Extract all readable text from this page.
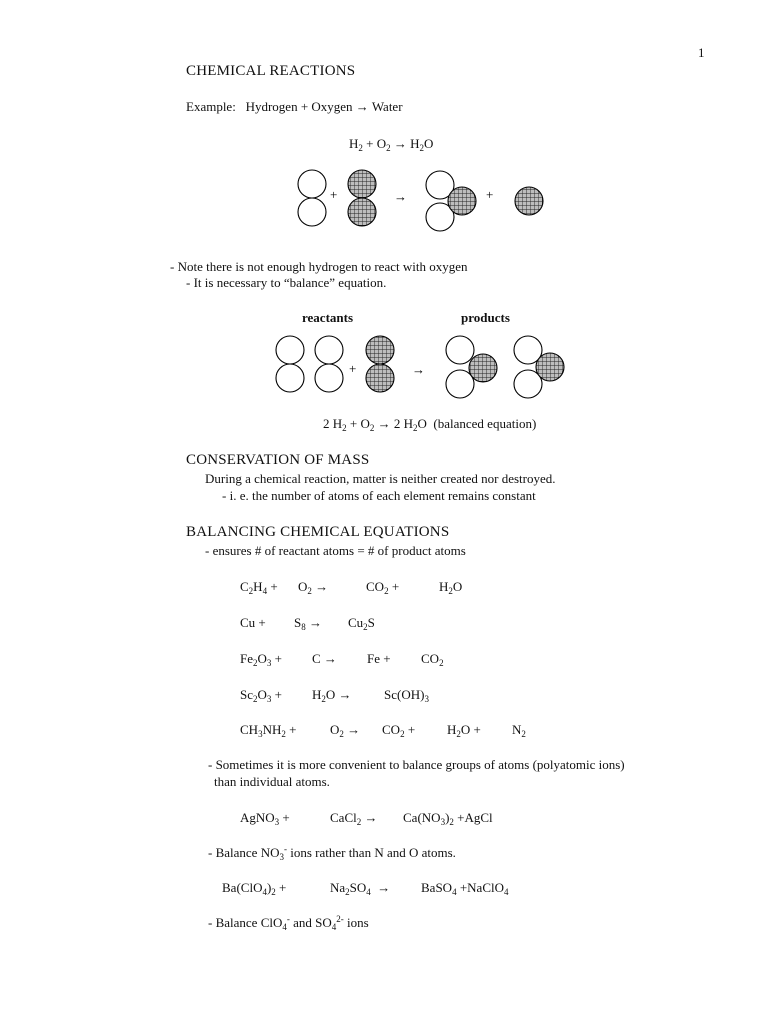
1
CHEMICAL REACTIONS
Example: Hydrogen + Oxygen → Water
$H_2 + O_2 \to H_2O$
+	→	+
- Note there is not enough hydrogen to react with oxygen
- It is necessary to “balance” equation.
reactants	products
+	→
2 $H_2 + O_2 \to 2$ $H_2O$ (balanced equation)
CONSERVATION OF MASS
During a chemical reaction, matter is neither created nor destroyed.
- i. e. the number of atoms of each element remains constant
BALANCING CHEMICAL EQUATIONS
- ensures # of reactant atoms = # of product atoms
$C_2H_4 + O_2$ →	$CO_2$ +	$H_2O$
$Cu + S_8 \to Cu_2S$
$Fe_2O_3 + C \to Fe + CO_2$
$Sc_2O_3 + H_2O \to Sc(OH)_3$
$CH_3NH_2$ +	$O_2 \to CO_2 + H_2O + N_2$
- Sometimes it is more convenient to balance groups of atoms (polyatomic ions)
than individual atoms.
AgNO$_3$ +	CaCl$_2$ → $Ca(NO_3)_2$ +AgCl
- Balance $NO_3^-$ ions rather than N and O atoms.
$Ba(ClO_4)_2$ +	$Na_2SO_4$ → BaSO$_4$ +NaClO$_4$
- Balance ClO$_4$- and $SO_4^{2-}$ ions
